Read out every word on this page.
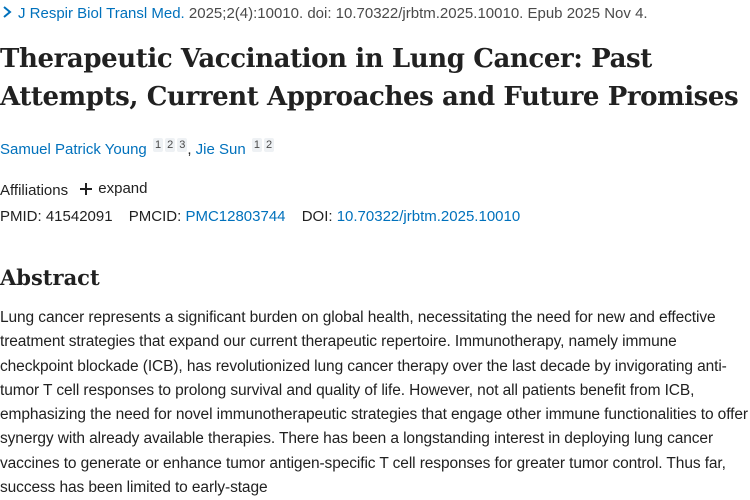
J Respir Biol Transl Med. 2025;2(4):10010. doi: 10.70322/jrbtm.2025.10010. Epub 2025 Nov 4.
Therapeutic Vaccination in Lung Cancer: Past Attempts, Current Approaches and Future Promises
Samuel Patrick Young 1 2 3 , Jie Sun 1 2
Affiliations expand
PMID: 41542091 PMCID: PMC12803744 DOI: 10.70322/jrbtm.2025.10010
Abstract

Lung cancer represents a significant burden on global health, necessitating the need for new and effective treatment strategies that expand our current therapeutic repertoire. Immunotherapy, namely immune checkpoint blockade (ICB), has revolutionized lung cancer therapy over the last decade by invigorating anti-tumor T cell responses to prolong survival and quality of life. However, not all patients benefit from ICB, emphasizing the need for novel immunotherapeutic strategies that engage other immune functionalities to offer synergy with already available therapies. There has been a longstanding interest in deploying lung cancer vaccines to generate or enhance tumor antigen-specific T cell responses for greater tumor control. Thus far, success has been limited to early-stage
